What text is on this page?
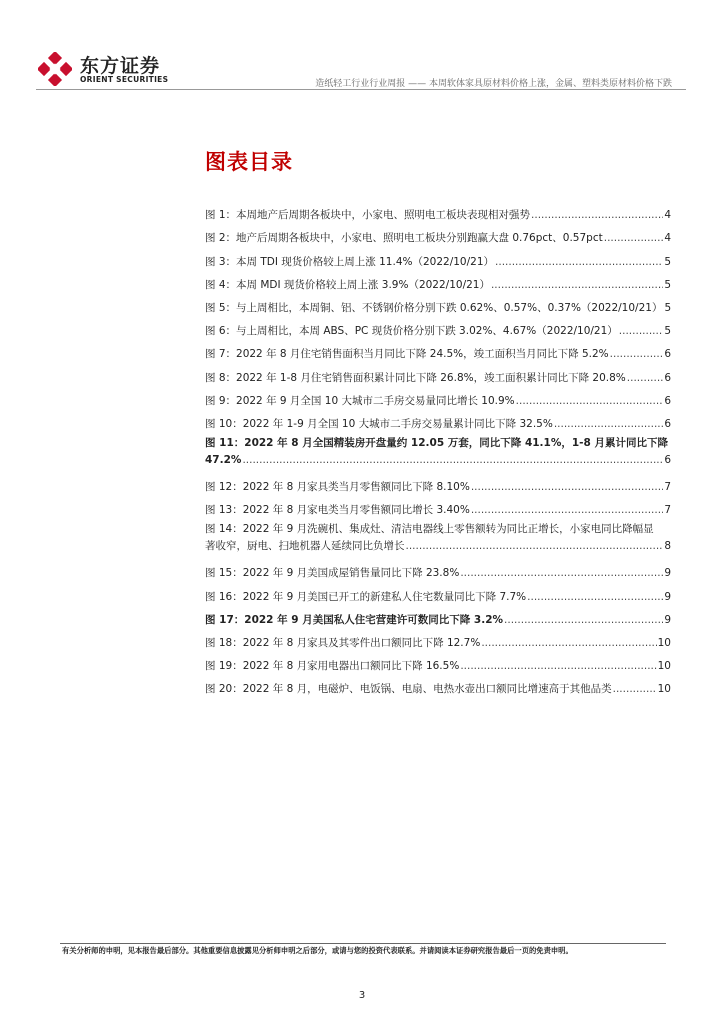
东方证券
ORIENT SECURITIES	造纸轻工行业行业周报 —— 本周软体家具原材料价格上涨，金属、塑料类原材料价格下跌
图表目录
图 1：本周地产后周期各板块中，小家电、照明电工板块表现相对强势 .....	4
图 2：地产后周期各板块中，小家电、照明电工板块分别跑赢大盘 0.76pct、0.57pct .....	4
图 3：本周 TDI 现货价格较上周上涨 11.4%（2022/10/21） .....	5
图 4：本周 MDI 现货价格较上周上涨 3.9%（2022/10/21） .....	5
图 5：与上周相比，本周铜、铝、不锈钢价格分别下跌 0.62%、0.57%、0.37%（2022/10/21） 5
图 6：与上周相比，本周 ABS、PC 现货价格分别下跌 3.02%、4.67%（2022/10/21） .....	5
图 7：2022 年 8 月住宅销售面积当月同比下降 24.5%，竣工面积当月同比下降 5.2% .....	6
图 8：2022 年 1-8 月住宅销售面积累计同比下降 26.8%，竣工面积累计同比下降 20.8% .....	6
图 9：2022 年 9 月全国 10 大城市二手房交易量同比增长 10.9% .....	6
图 10：2022 年 1-9 月全国 10 大城市二手房交易量累计同比下降 32.5% .....	6
图 11：2022 年 8 月全国精装房开盘量约 12.05 万套，同比下降 41.1%，1-8 月累计同比下降
47.2% .....	6
图 12：2022 年 8 月家具类当月零售额同比下降 8.10% .....	7
图 13：2022 年 8 月家电类当月零售额同比增长 3.40% .....	7
图 14：2022 年 9 月洗碗机、集成灶、清洁电器线上零售额转为同比正增长，小家电同比降幅显
著收窄，厨电、扫地机器人延续同比负增长 .....	8
图 15：2022 年 9 月美国成屋销售量同比下降 23.8% .....	9
图 16：2022 年 9 月美国已开工的新建私人住宅数量同比下降 7.7% .....	9
图 17：2022 年 9 月美国私人住宅营建许可数同比下降 3.2% .....	9
图 18：2022 年 8 月家具及其零件出口额同比下降 12.7% .....	10
图 19：2022 年 8 月家用电器出口额同比下降 16.5% .....	10
图 20：2022 年 8 月，电磁炉、电饭锅、电扇、电热水壶出口额同比增速高于其他品类 .....	10
有关分析师的申明，见本报告最后部分。其他重要信息披露见分析师申明之后部分，或请与您的投资代表联系。并请阅读本证券研究报告最后一页的免责申明。
3
